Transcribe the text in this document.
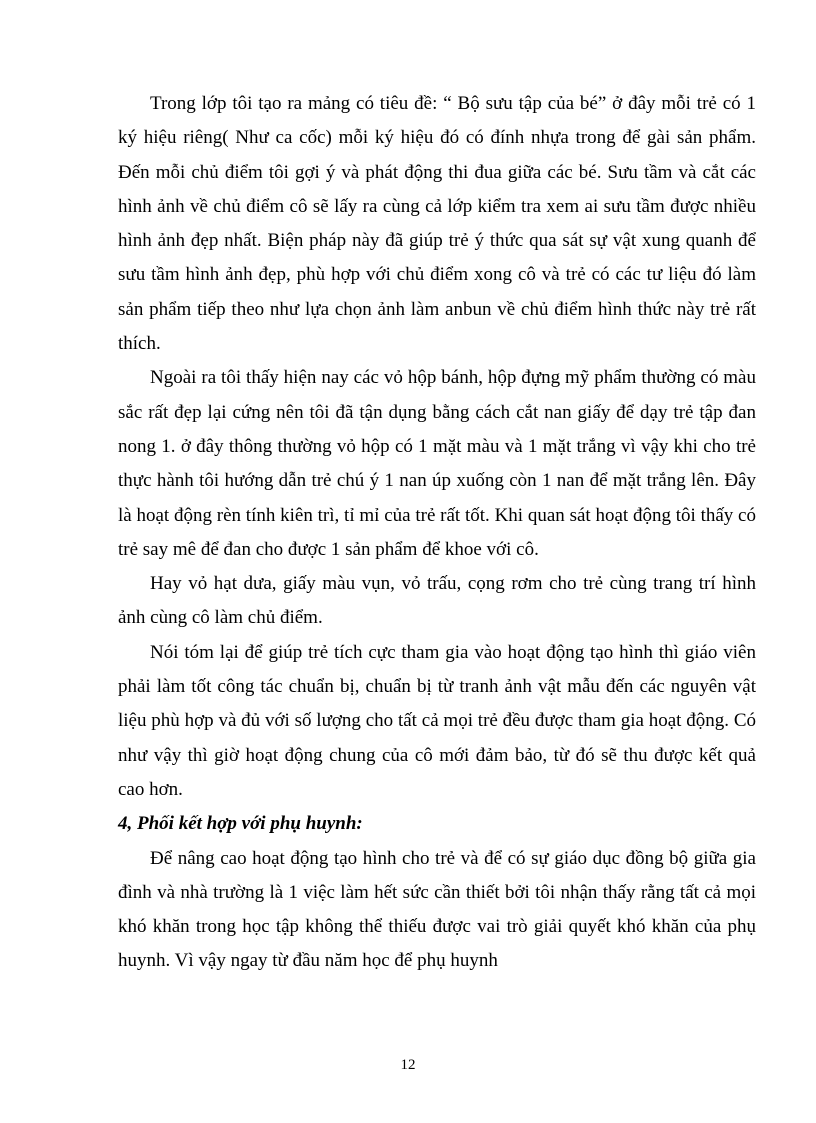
Trong lớp tôi tạo ra mảng có tiêu đề: “ Bộ sưu tập của bé” ở đây mỗi trẻ có 1 ký hiệu riêng( Như ca cốc) mỗi ký hiệu đó có đính nhựa trong để gài sản phẩm. Đến mỗi chủ điểm tôi gợi ý và phát động thi đua giữa các bé. Sưu tầm và cắt các hình ảnh về chủ điểm cô sẽ lấy ra cùng cả lớp kiểm tra xem ai sưu tầm được nhiều hình ảnh đẹp nhất. Biện pháp này đã giúp trẻ ý thức qua sát sự vật xung quanh để sưu tầm hình ảnh đẹp, phù hợp với chủ điểm xong cô và trẻ có các tư liệu đó làm sản phẩm tiếp theo như lựa chọn ảnh làm anbun về chủ điểm hình thức này trẻ rất thích.

Ngoài ra tôi thấy hiện nay các vỏ hộp bánh, hộp đựng mỹ phẩm thường có màu sắc rất đẹp lại cứng nên tôi đã tận dụng bằng cách cắt nan giấy để dạy trẻ tập đan nong 1. ở đây thông thường vỏ hộp có 1 mặt màu và 1 mặt trắng vì vậy khi cho trẻ thực hành tôi hướng dẫn trẻ chú ý 1 nan úp xuống còn 1 nan để mặt trắng lên. Đây là hoạt động rèn tính kiên trì, tỉ mỉ của trẻ rất tốt. Khi quan sát hoạt động tôi thấy có trẻ say mê để đan cho được 1 sản phẩm để khoe với cô.

Hay vỏ hạt dưa, giấy màu vụn, vỏ trấu, cọng rơm cho trẻ cùng trang trí hình ảnh cùng cô làm chủ điểm.

Nói tóm lại để giúp trẻ tích cực tham gia vào hoạt động tạo hình thì giáo viên phải làm tốt công tác chuẩn bị, chuẩn bị từ tranh ảnh vật mẫu đến các nguyên vật liệu phù hợp và đủ với số lượng cho tất cả mọi trẻ đều được tham gia hoạt động. Có như vậy thì giờ hoạt động chung của cô mới đảm bảo, từ đó sẽ thu được kết quả cao hơn.

4, Phối kết hợp với phụ huynh:

Để nâng cao hoạt động tạo hình cho trẻ và để có sự giáo dục đồng bộ giữa gia đình và nhà trường là 1 việc làm hết sức cần thiết bởi tôi nhận thấy rằng tất cả mọi khó khăn trong học tập không thể thiếu được vai trò giải quyết khó khăn của phụ huynh. Vì vậy ngay từ đầu năm học để phụ huynh

12
